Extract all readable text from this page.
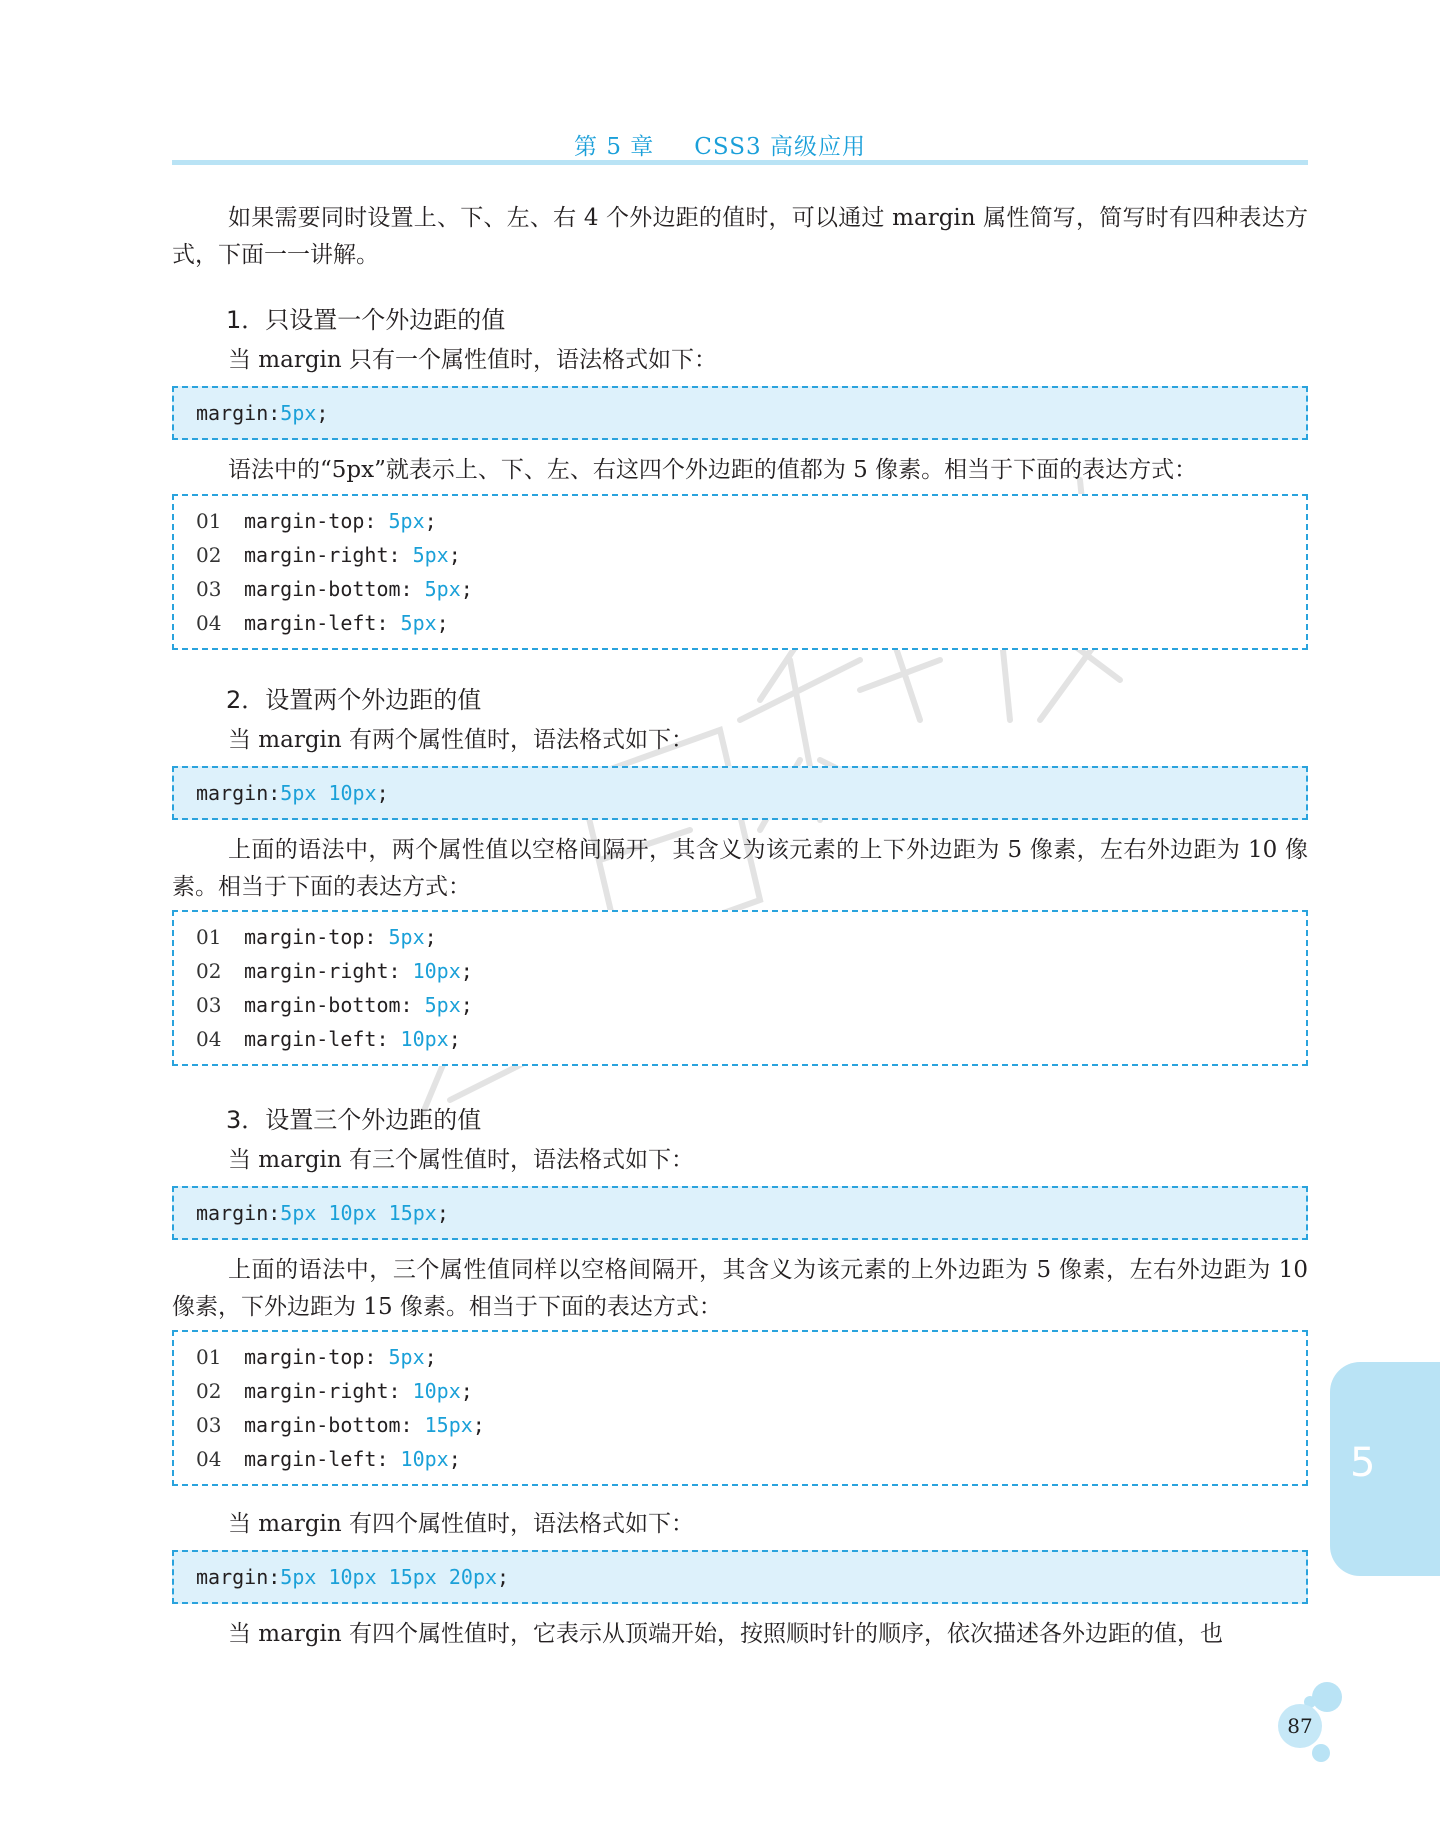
第 5 章 CSS3 高级应用

如果需要同时设置上、下、左、右 4 个外边距的值时，可以通过 margin 属性简写，简写时有四种表达方式，下面一一讲解。

1．只设置一个外边距的值

当 margin 只有一个属性值时，语法格式如下：

margin: 5px ;

语法中的“5px”就表示上、下、左、右这四个外边距的值都为 5 像素。相当于下面的表达方式：

01 margin-top: 5px;
02 margin-right: 5px;
03 margin-bottom: 5px;
04 margin-left: 5px;

2．设置两个外边距的值

当 margin 有两个属性值时，语法格式如下：

margin: 5px 10px ;

上面的语法中，两个属性值以空格间隔开，其含义为该元素的上下外边距为 5 像素，左右外边距为 10 像素。相当于下面的表达方式：

01 margin-top: 5px;
02 margin-right: 10px;
03 margin-bottom: 5px;
04 margin-left: 10px;

3．设置三个外边距的值

当 margin 有三个属性值时，语法格式如下：

margin: 5px 10px 15px ;

上面的语法中，三个属性值同样以空格间隔开，其含义为该元素的上外边距为 5 像素，左右外边距为 10 像素，下外边距为 15 像素。相当于下面的表达方式：

01 margin-top: 5px;
02 margin-right: 10px;
03 margin-bottom: 15px;
04 margin-left: 10px;

当 margin 有四个属性值时，语法格式如下：

margin: 5px 10px 15px 20px ;

当 margin 有四个属性值时，它表示从顶端开始，按照顺时针的顺序，依次描述各外边距的值，也

5
87
